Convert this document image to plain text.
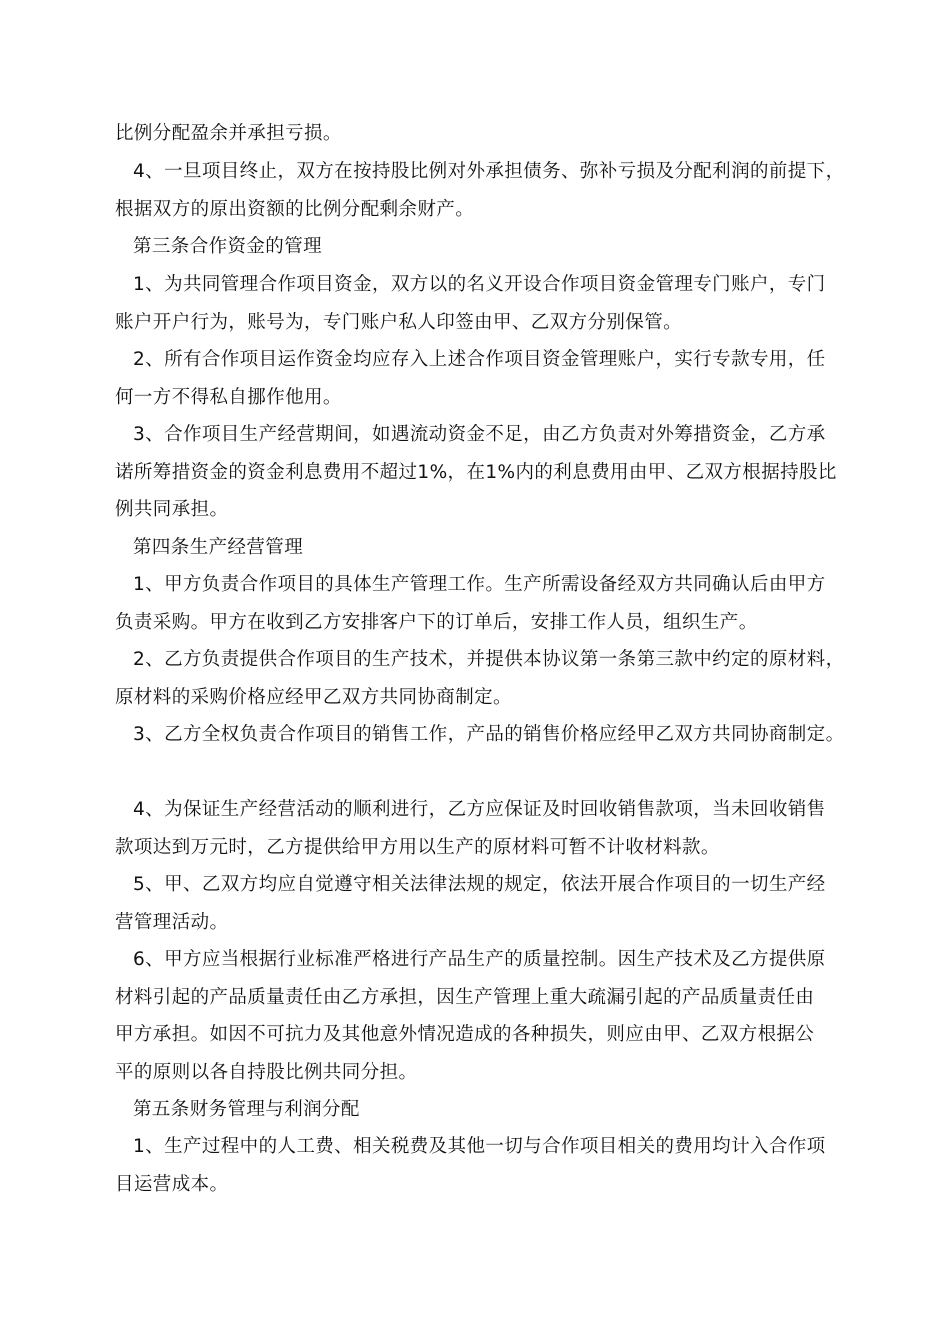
比例分配盈余并承担亏损。
4、一旦项目终止，双方在按持股比例对外承担债务、弥补亏损及分配利润的前提下，
根据双方的原出资额的比例分配剩余财产。
第三条合作资金的管理
1、为共同管理合作项目资金，双方以的名义开设合作项目资金管理专门账户，专门
账户开户行为，账号为，专门账户私人印签由甲、乙双方分别保管。
2、所有合作项目运作资金均应存入上述合作项目资金管理账户，实行专款专用，任
何一方不得私自挪作他用。
3、合作项目生产经营期间，如遇流动资金不足，由乙方负责对外筹措资金，乙方承
诺所筹措资金的资金利息费用不超过1%，在1%内的利息费用由甲、乙双方根据持股比
例共同承担。
第四条生产经营管理
1、甲方负责合作项目的具体生产管理工作。生产所需设备经双方共同确认后由甲方
负责采购。甲方在收到乙方安排客户下的订单后，安排工作人员，组织生产。
2、乙方负责提供合作项目的生产技术，并提供本协议第一条第三款中约定的原材料，
原材料的采购价格应经甲乙双方共同协商制定。
3、乙方全权负责合作项目的销售工作，产品的销售价格应经甲乙双方共同协商制定。
4、为保证生产经营活动的顺利进行，乙方应保证及时回收销售款项，当未回收销售
款项达到万元时，乙方提供给甲方用以生产的原材料可暂不计收材料款。
5、甲、乙双方均应自觉遵守相关法律法规的规定，依法开展合作项目的一切生产经
营管理活动。
6、甲方应当根据行业标准严格进行产品生产的质量控制。因生产技术及乙方提供原
材料引起的产品质量责任由乙方承担，因生产管理上重大疏漏引起的产品质量责任由
甲方承担。如因不可抗力及其他意外情况造成的各种损失，则应由甲、乙双方根据公
平的原则以各自持股比例共同分担。
第五条财务管理与利润分配
1、生产过程中的人工费、相关税费及其他一切与合作项目相关的费用均计入合作项
目运营成本。
